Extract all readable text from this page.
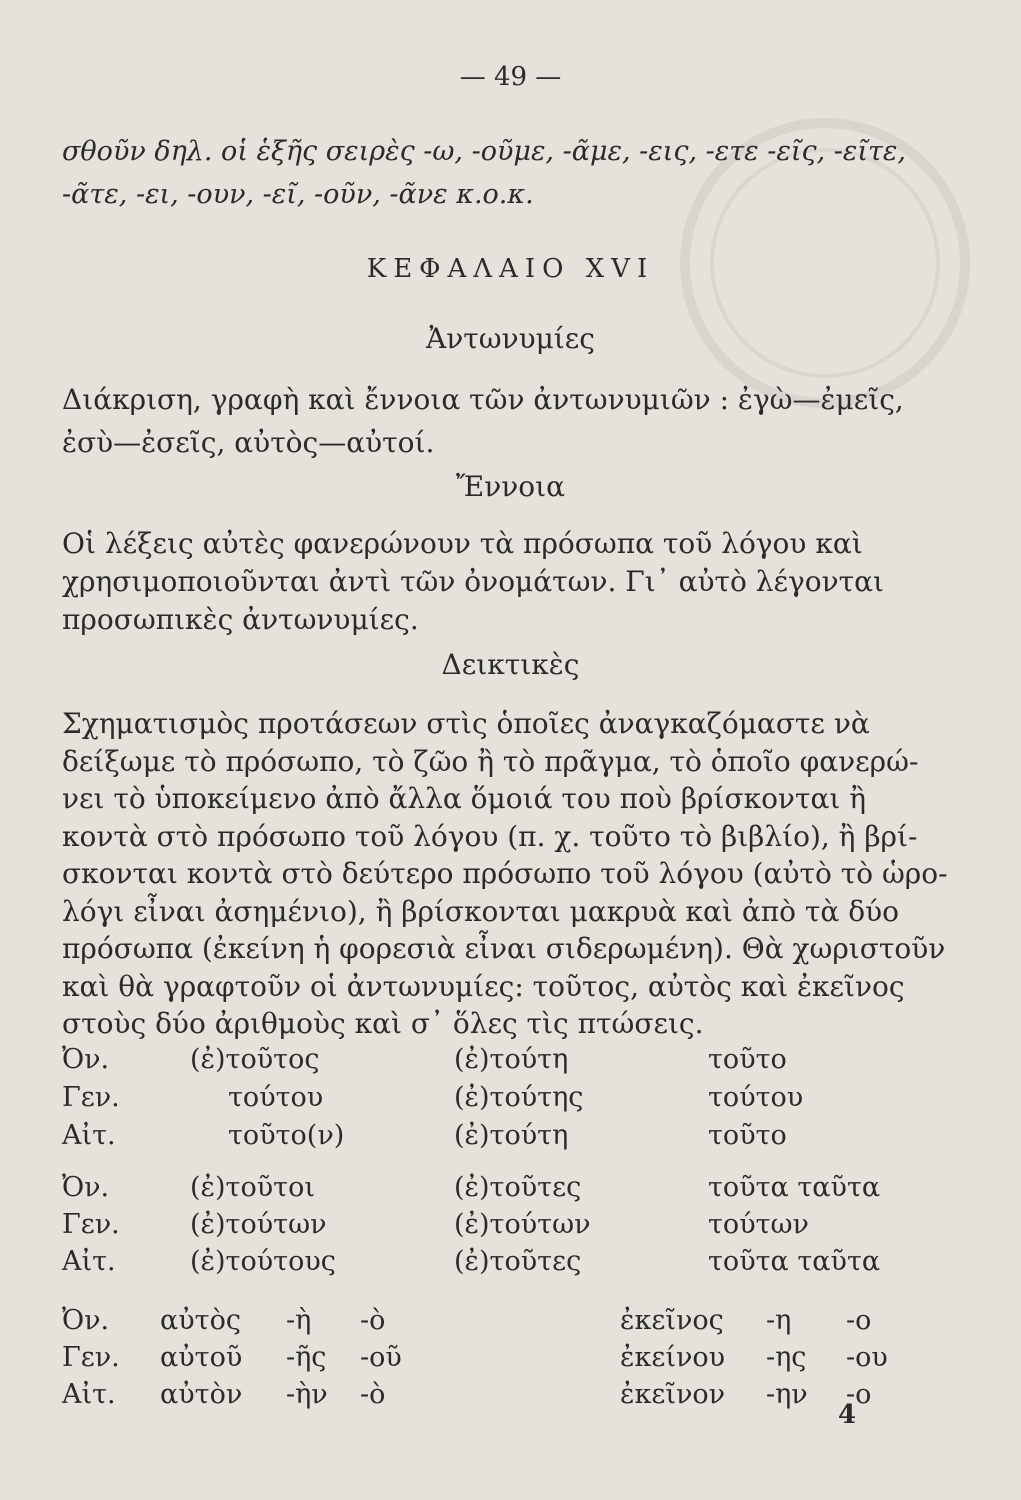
— 49 —
σθοῦν δηλ. οἱ ἑξῆς σειρὲς -ω, -οῦμε, -ᾶμε, -εις, -ετε -εῖς, -εῖτε,
-ᾶτε, -ει, -ουν, -εῖ, -οῦν, -ᾶνε κ.ο.κ.
ΚΕΦΑΛΑΙΟ XVI
Ἀντωνυμίες
Διάκριση, γραφὴ καὶ ἔννοια τῶν ἀντωνυμιῶν : ἐγὼ—ἐμεῖς,
ἐσὺ—ἐσεῖς, αὐτὸς—αὐτοί.
Ἔννοια
Οἱ λέξεις αὐτὲς φανερώνουν τὰ πρόσωπα τοῦ λόγου καὶ
χρησιμοποιοῦνται ἀντὶ τῶν ὀνομάτων. Γι᾽ αὐτὸ λέγονται
προσωπικὲς ἀντωνυμίες.
Δεικτικὲς
Σχηματισμὸς προτάσεων στὶς ὁποῖες ἀναγκαζόμαστε νὰ
δείξωμε τὸ πρόσωπο, τὸ ζῶο ἢ τὸ πρᾶγμα, τὸ ὁποῖο φανερώ-
νει τὸ ὑποκείμενο ἀπὸ ἄλλα ὅμοιά του ποὺ βρίσκονται ἢ
κοντὰ στὸ πρόσωπο τοῦ λόγου (π. χ. τοῦτο τὸ βιβλίο), ἢ βρί-
σκονται κοντὰ στὸ δεύτερο πρόσωπο τοῦ λόγου (αὐτὸ τὸ ὡρο-
λόγι εἶναι ἀσημένιο), ἢ βρίσκονται μακρυὰ καὶ ἀπὸ τὰ δύο
πρόσωπα (ἐκείνη ἡ φορεσιὰ εἶναι σιδερωμένη). Θὰ χωριστοῦν
καὶ θὰ γραφτοῦν οἱ ἀντωνυμίες: τοῦτος, αὐτὸς καὶ ἐκεῖνος
στοὺς δύο ἀριθμοὺς καὶ σ᾽ ὅλες τὶς πτώσεις.
Ὀν.	(ἐ)τοῦτος	(ἐ)τούτη	τοῦτο
Γεν.	τούτου	(ἐ)τούτης	τούτου
Αἰτ.	τοῦτο(ν)	(ἐ)τούτη	τοῦτο
Ὀν.	(ἐ)τοῦτοι	(ἐ)τοῦτες	τοῦτα ταῦτα
Γεν.	(ἐ)τούτων	(ἐ)τούτων	τούτων
Αἰτ.	(ἐ)τούτους	(ἐ)τοῦτες	τοῦτα ταῦτα
Ὀν. αὐτὸς -ὴ -ὸ	ἐκεῖνος -η -ο
Γεν. αὐτοῦ -ῆς -οῦ	ἐκείνου -ης -ου
Αἰτ. αὐτὸν -ὴν -ὸ	ἐκεῖνον -ην -ο
4
